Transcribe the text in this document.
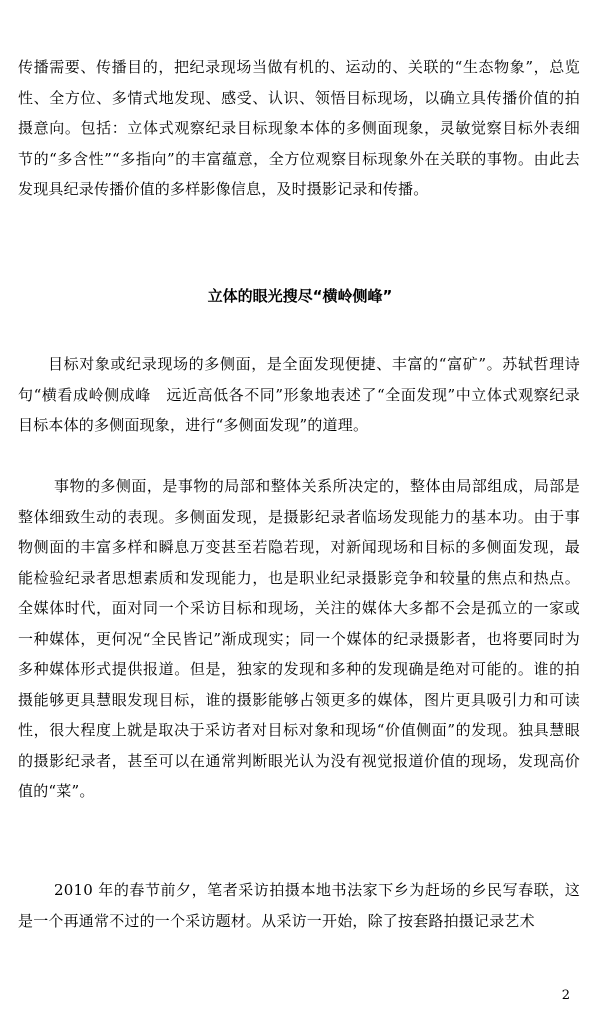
传播需要、传播目的，把纪录现场当做有机的、运动的、关联的“生态物象”，总览性、全方位、多情式地发现、感受、认识、领悟目标现场，以确立具传播价值的拍摄意向。包括：立体式观察纪录目标现象本体的多侧面现象，灵敏觉察目标外表细节的“多含性”“多指向”的丰富蕴意，全方位观察目标现象外在关联的事物。由此去发现具纪录传播价值的多样影像信息，及时摄影记录和传播。

立体的眼光搜尽“横岭侧峰”

目标对象或纪录现场的多侧面，是全面发现便捷、丰富的“富矿”。苏轼哲理诗句“横看成岭侧成峰　远近高低各不同”形象地表述了“全面发现”中立体式观察纪录目标本体的多侧面现象，进行“多侧面发现”的道理。

事物的多侧面，是事物的局部和整体关系所决定的，整体由局部组成，局部是整体细致生动的表现。多侧面发现，是摄影纪录者临场发现能力的基本功。由于事物侧面的丰富多样和瞬息万变甚至若隐若现，对新闻现场和目标的多侧面发现，最能检验纪录者思想素质和发现能力，也是职业纪录摄影竞争和较量的焦点和热点。全媒体时代，面对同一个采访目标和现场，关注的媒体大多都不会是孤立的一家或一种媒体，更何况“全民皆记”渐成现实；同一个媒体的纪录摄影者，也将要同时为多种媒体形式提供报道。但是，独家的发现和多种的发现确是绝对可能的。谁的拍摄能够更具慧眼发现目标，谁的摄影能够占领更多的媒体，图片更具吸引力和可读性，很大程度上就是取决于采访者对目标对象和现场“价值侧面”的发现。独具慧眼的摄影纪录者，甚至可以在通常判断眼光认为没有视觉报道价值的现场，发现高价值的“菜”。

2010 年的春节前夕，笔者采访拍摄本地书法家下乡为赶场的乡民写春联，这是一个再通常不过的一个采访题材。从采访一开始，除了按套路拍摄记录艺术

2
